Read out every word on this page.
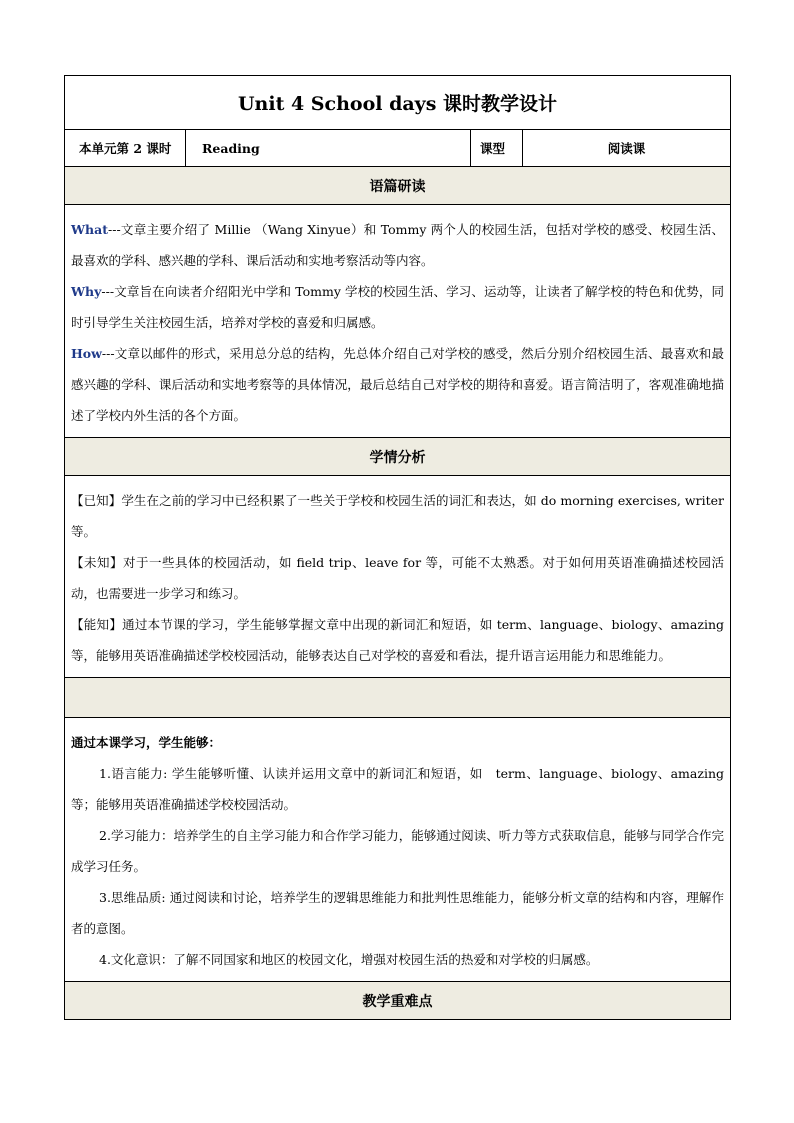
Unit 4 School days 课时教学设计
本单元第 2 课时	Reading	课型	阅读课
语篇研读

What---文章主要介绍了 Millie （Wang Xinyue）和 Tommy 两个人的校园生活，包括对学校的感受、校园生活、最喜欢的学科、感兴趣的学科、课后活动和实地考察活动等内容。

Why---文章旨在向读者介绍阳光中学和 Tommy 学校的校园生活、学习、运动等，让读者了解学校的特色和优势，同时引导学生关注校园生活，培养对学校的喜爱和归属感。

How---文章以邮件的形式，采用总分总的结构，先总体介绍自己对学校的感受，然后分别介绍校园生活、最喜欢和最感兴趣的学科、课后活动和实地考察等的具体情况，最后总结自己对学校的期待和喜爱。语言简洁明了，客观准确地描述了学校内外生活的各个方面。

学情分析

【已知】学生在之前的学习中已经积累了一些关于学校和校园生活的词汇和表达，如 do morning exercises, writer等。

【未知】对于一些具体的校园活动，如 field trip、leave for 等，可能不太熟悉。对于如何用英语准确描述校园活动，也需要进一步学习和练习。

【能知】通过本节课的学习，学生能够掌握文章中出现的新词汇和短语，如 term、language、biology、amazing 等，能够用英语准确描述学校校园活动，能够表达自己对学校的喜爱和看法，提升语言运用能力和思维能力。

通过本课学习，学生能够：

1.语言能力: 学生能够听懂、认读并运用文章中的新词汇和短语，如　term、language、biology、amazing 等；能够用英语准确描述学校校园活动。

2.学习能力：培养学生的自主学习能力和合作学习能力，能够通过阅读、听力等方式获取信息，能够与同学合作完成学习任务。

3.思维品质: 通过阅读和讨论，培养学生的逻辑思维能力和批判性思维能力，能够分析文章的结构和内容，理解作者的意图。

4.文化意识：了解不同国家和地区的校园文化，增强对校园生活的热爱和对学校的归属感。

教学重难点
